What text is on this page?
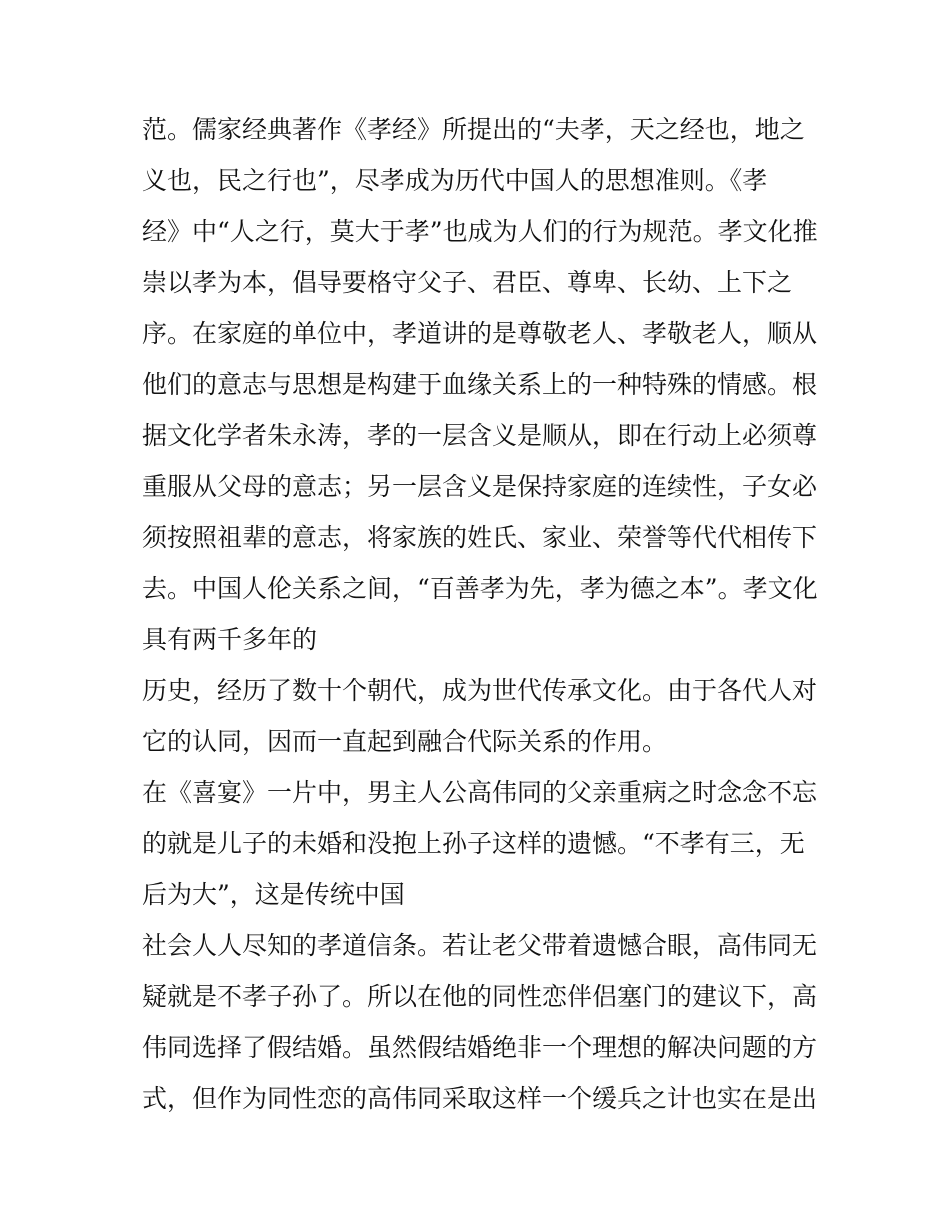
范。儒家经典著作《孝经》所提出的“夫孝，天之经也，地之
义也，民之行也”，尽孝成为历代中国人的思想准则。《孝
经》中“人之行，莫大于孝”也成为人们的行为规范。孝文化推
崇以孝为本，倡导要格守父子、君臣、尊卑、长幼、上下之
序。在家庭的单位中，孝道讲的是尊敬老人、孝敬老人，顺从
他们的意志与思想是构建于血缘关系上的一种特殊的情感。根
据文化学者朱永涛，孝的一层含义是顺从，即在行动上必须尊
重服从父母的意志；另一层含义是保持家庭的连续性，子女必
须按照祖辈的意志，将家族的姓氏、家业、荣誉等代代相传下
去。中国人伦关系之间，“百善孝为先，孝为德之本”。孝文化
具有两千多年的
历史，经历了数十个朝代，成为世代传承文化。由于各代人对
它的认同，因而一直起到融合代际关系的作用。
在《喜宴》一片中，男主人公高伟同的父亲重病之时念念不忘
的就是儿子的未婚和没抱上孙子这样的遗憾。“不孝有三，无
后为大”，这是传统中国
社会人人尽知的孝道信条。若让老父带着遗憾合眼，高伟同无
疑就是不孝子孙了。所以在他的同性恋伴侣塞门的建议下，高
伟同选择了假结婚。虽然假结婚绝非一个理想的解决问题的方
式，但作为同性恋的高伟同采取这样一个缓兵之计也实在是出
